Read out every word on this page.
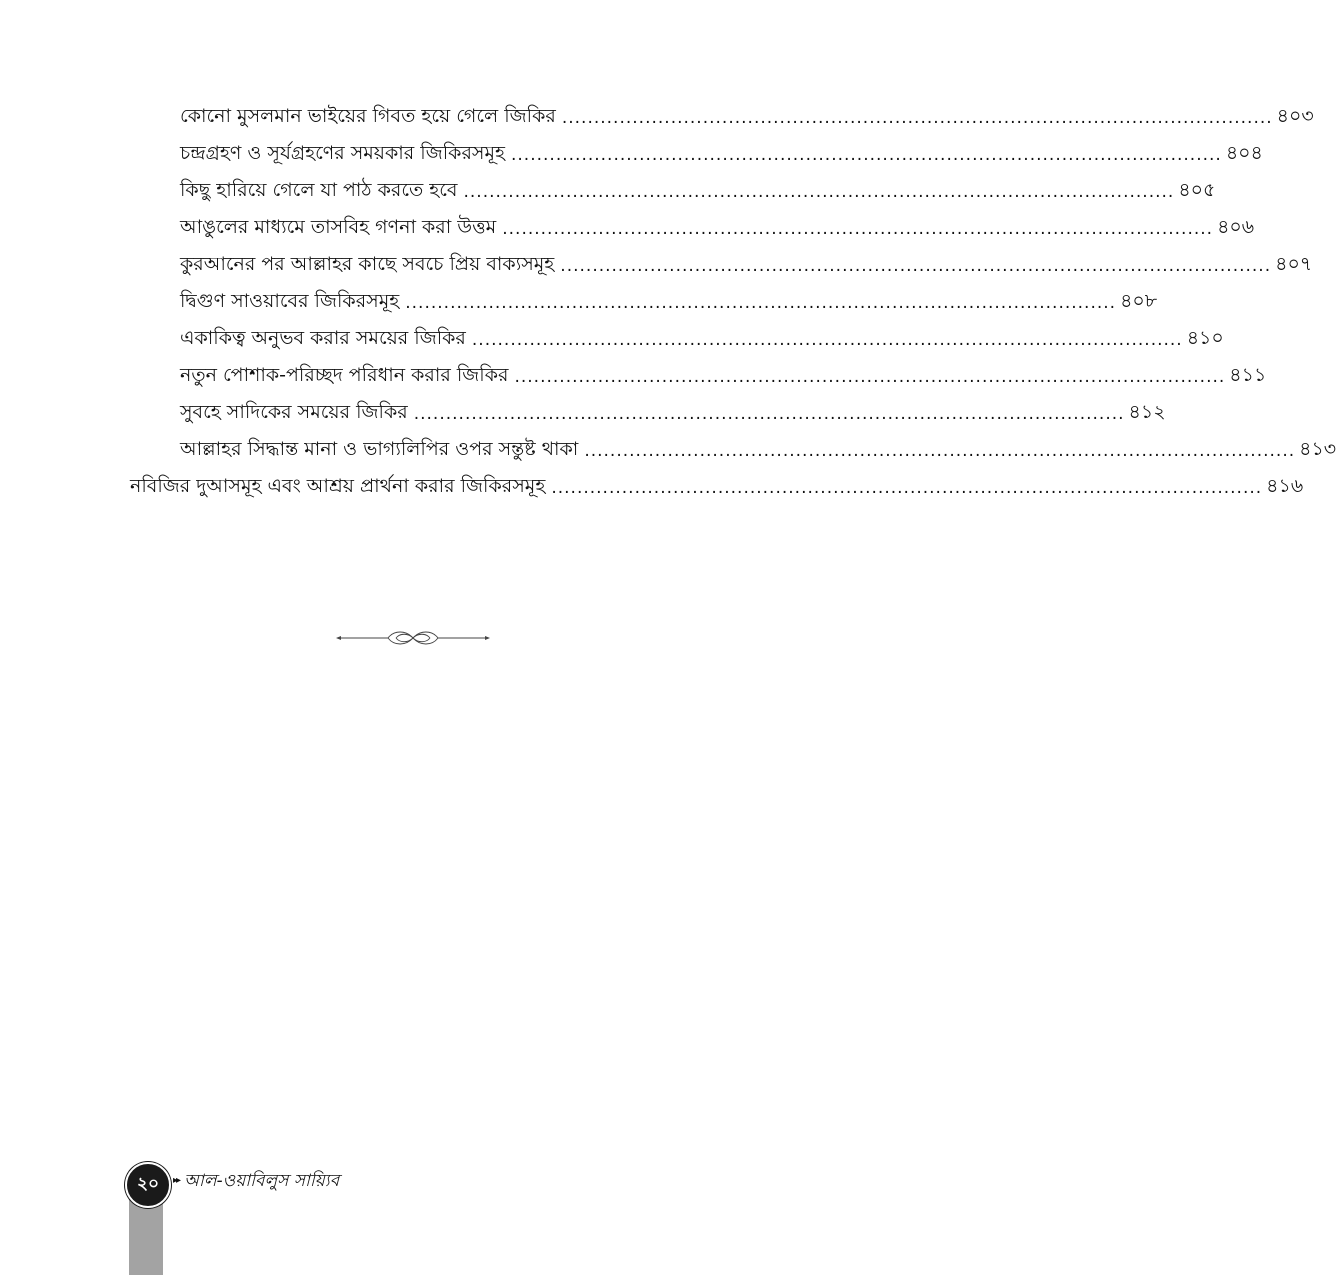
কোনো মুসলমান ভাইয়ের গিবত হয়ে গেলে জিকির ............................................................................................................... ৪০৩
চন্দ্রগ্রহণ ও সূর্যগ্রহণের সময়কার জিকিরসমূহ ............................................................................................................... ৪০৪
কিছু হারিয়ে গেলে যা পাঠ করতে হবে ............................................................................................................... ৪০৫
আঙুলের মাধ্যমে তাসবিহ গণনা করা উত্তম ............................................................................................................... ৪০৬
কুরআনের পর আল্লাহর কাছে সবচে প্রিয় বাক্যসমূহ ............................................................................................................... ৪০৭
দ্বিগুণ সাওয়াবের জিকিরসমূহ ............................................................................................................... ৪০৮
একাকিত্ব অনুভব করার সময়ের জিকির ............................................................................................................... ৪১০
নতুন পোশাক-পরিচ্ছদ পরিধান করার জিকির ............................................................................................................... ৪১১
সুবহে সাদিকের সময়ের জিকির ............................................................................................................... ৪১২
আল্লাহর সিদ্ধান্ত মানা ও ভাগ্যলিপির ওপর সন্তুষ্ট থাকা ............................................................................................................... ৪১৩
নবিজির দুআসমূহ এবং আশ্রয় প্রার্থনা করার জিকিরসমূহ ............................................................................................................... ৪১৬
২০	▸▸ আল-ওয়াবিলুস সায়্যিব
